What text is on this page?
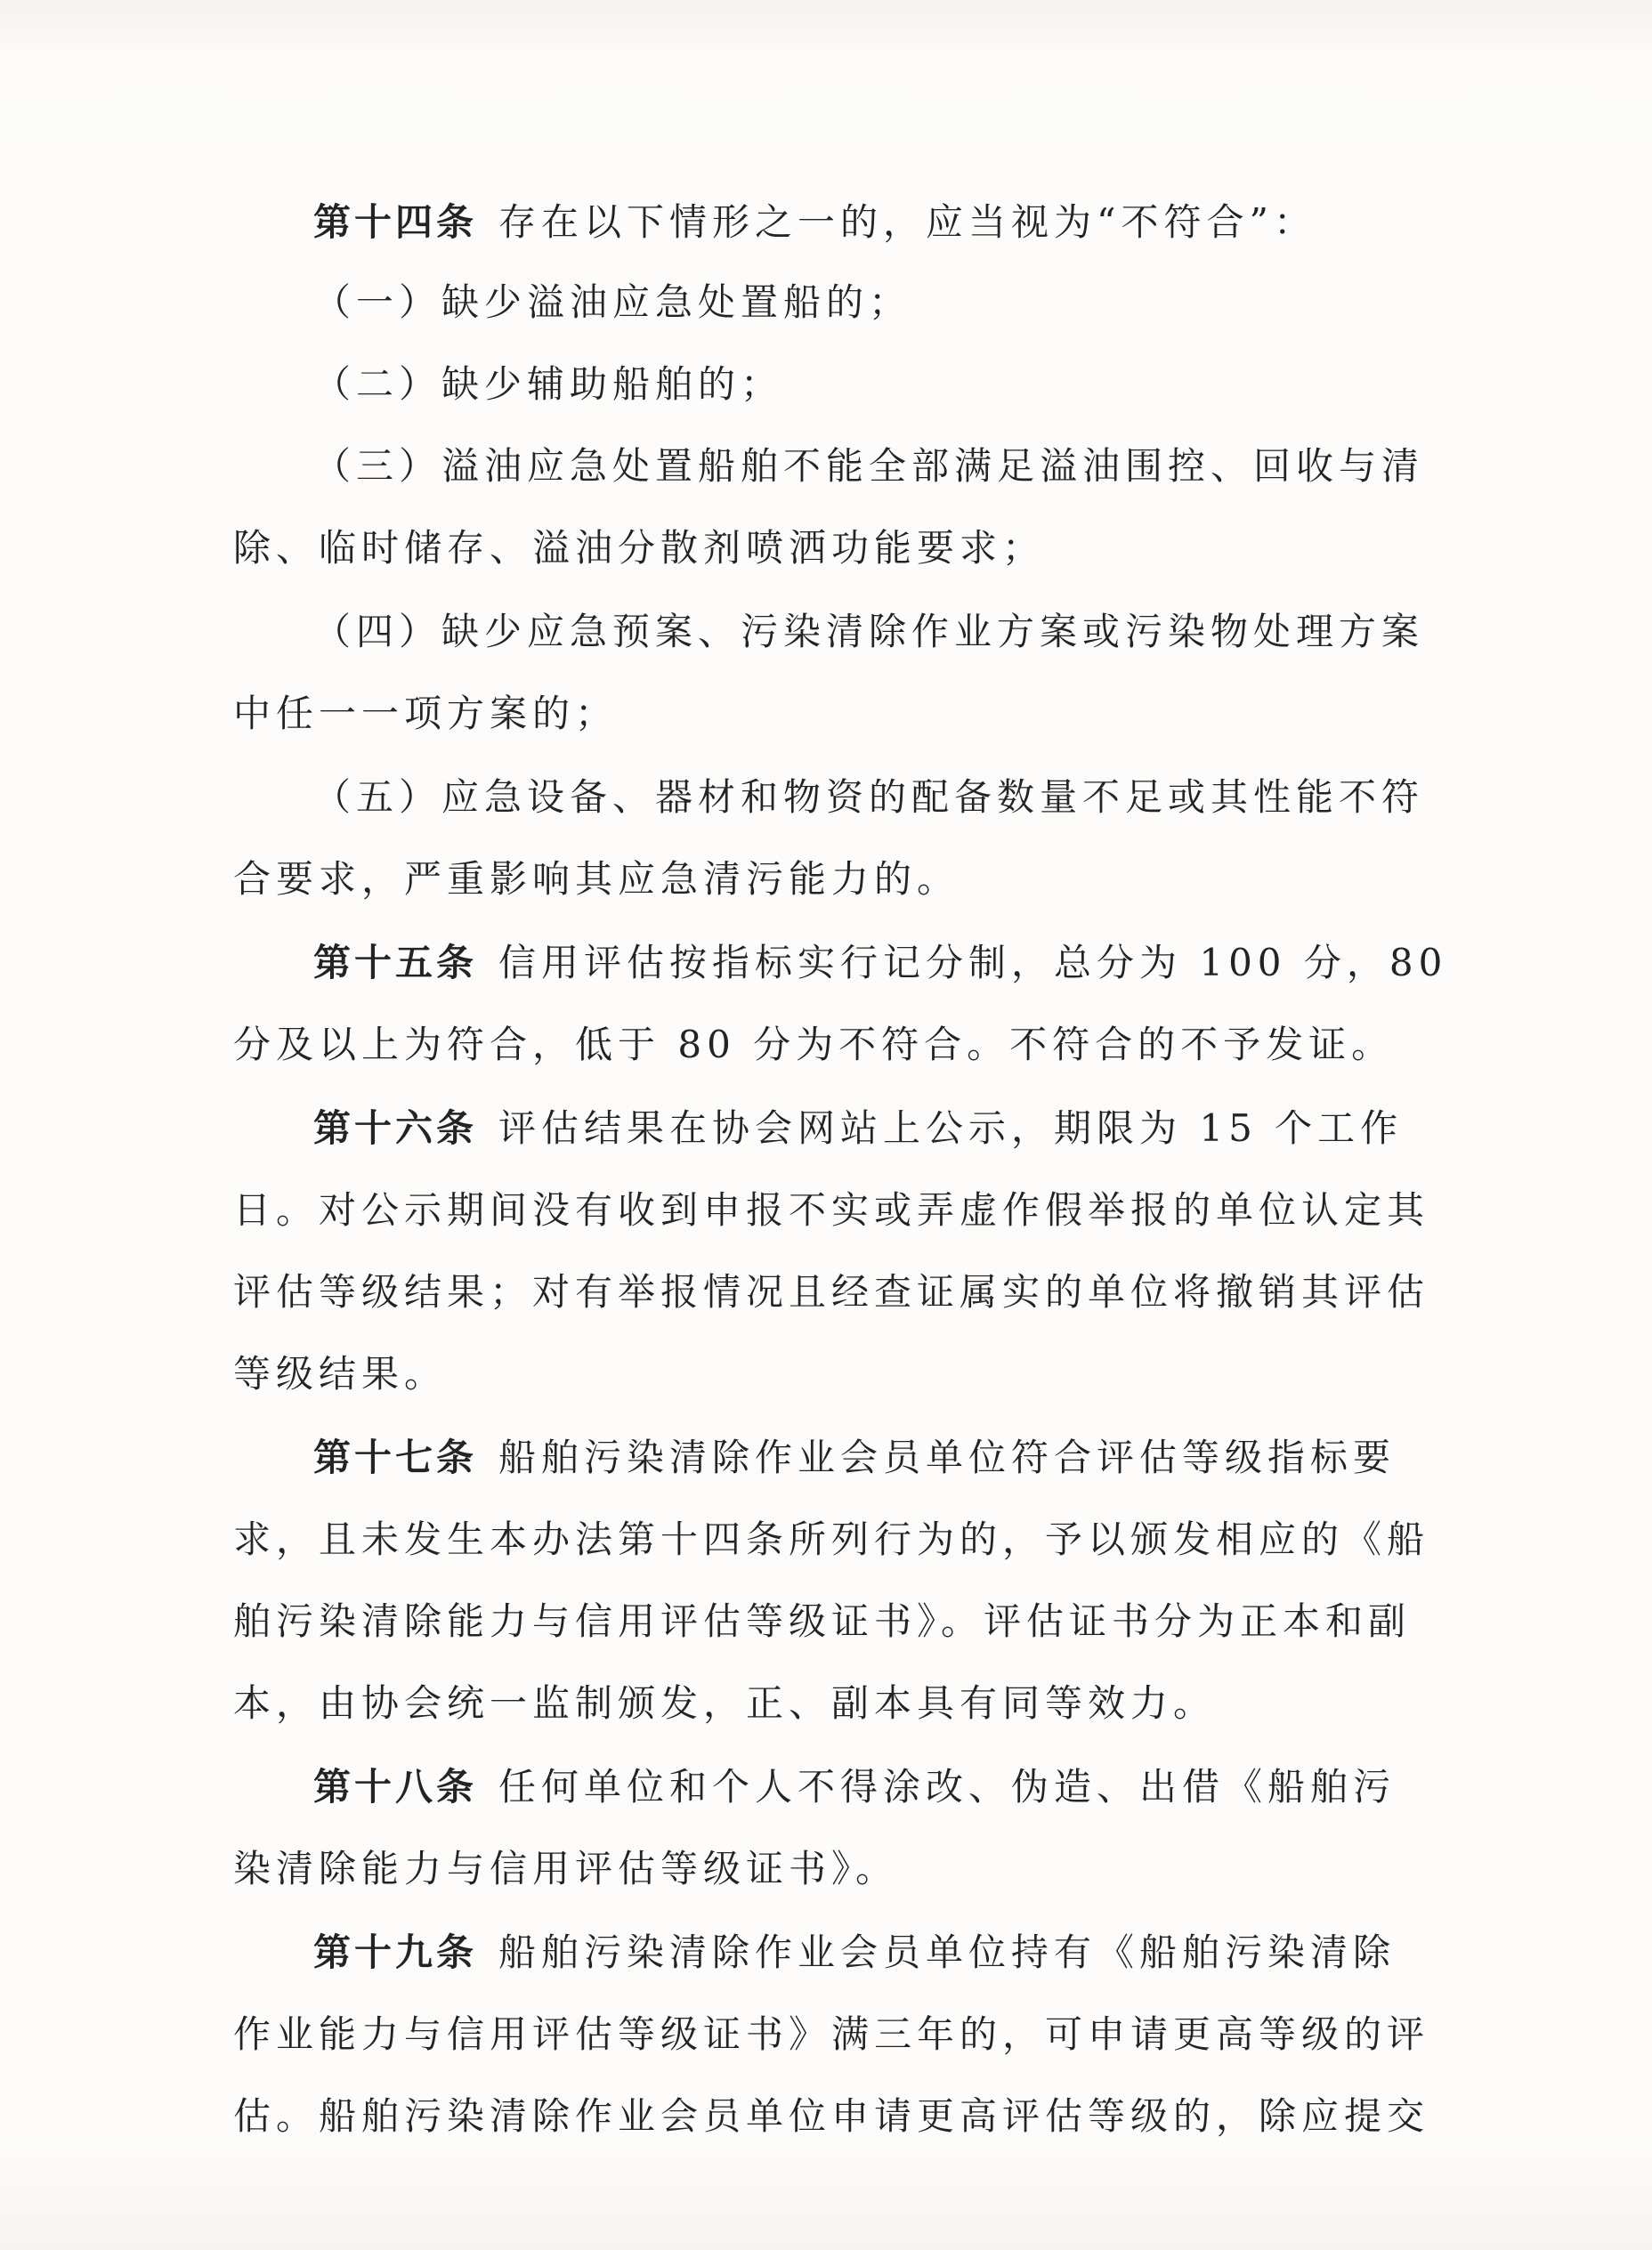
第十四条 存在以下情形之一的，应当视为“不符合”：
（一）缺少溢油应急处置船的；
（二）缺少辅助船舶的；
（三）溢油应急处置船舶不能全部满足溢油围控、回收与清
除、临时储存、溢油分散剂喷洒功能要求；
（四）缺少应急预案、污染清除作业方案或污染物处理方案
中任一一项方案的；
（五）应急设备、器材和物资的配备数量不足或其性能不符
合要求，严重影响其应急清污能力的。
第十五条 信用评估按指标实行记分制，总分为 100 分，80
分及以上为符合，低于 80 分为不符合。不符合的不予发证。
第十六条 评估结果在协会网站上公示，期限为 15 个工作
日。对公示期间没有收到申报不实或弄虚作假举报的单位认定其
评估等级结果；对有举报情况且经查证属实的单位将撤销其评估
等级结果。
第十七条 船舶污染清除作业会员单位符合评估等级指标要
求，且未发生本办法第十四条所列行为的，予以颁发相应的《船
舶污染清除能力与信用评估等级证书》。评估证书分为正本和副
本，由协会统一监制颁发，正、副本具有同等效力。
第十八条 任何单位和个人不得涂改、伪造、出借《船舶污
染清除能力与信用评估等级证书》。
第十九条 船舶污染清除作业会员单位持有《船舶污染清除
作业能力与信用评估等级证书》满三年的，可申请更高等级的评
估。船舶污染清除作业会员单位申请更高评估等级的，除应提交
